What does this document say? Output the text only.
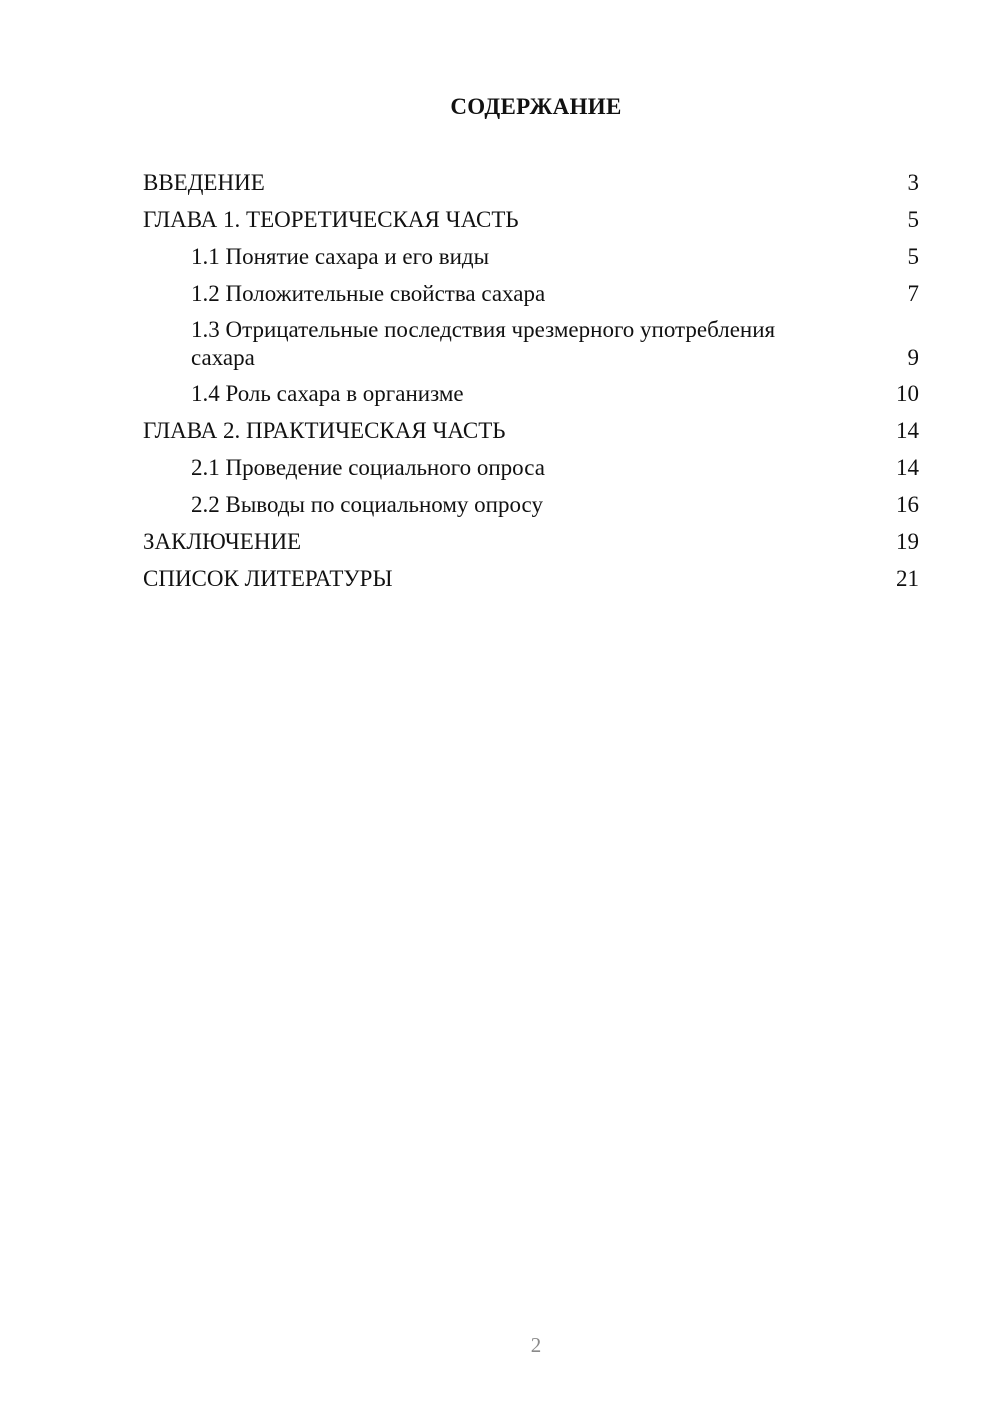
СОДЕРЖАНИЕ
ВВЕДЕНИЕ	3
ГЛАВА 1. ТЕОРЕТИЧЕСКАЯ ЧАСТЬ	5
1.1 Понятие сахара и его виды	5
1.2 Положительные свойства сахара	7
1.3 Отрицательные последствия чрезмерного употребления сахара	9
1.4 Роль сахара в организме	10
ГЛАВА 2. ПРАКТИЧЕСКАЯ ЧАСТЬ	14
2.1 Проведение социального опроса	14
2.2 Выводы по социальному опросу	16
ЗАКЛЮЧЕНИЕ	19
СПИСОК ЛИТЕРАТУРЫ	21
2
